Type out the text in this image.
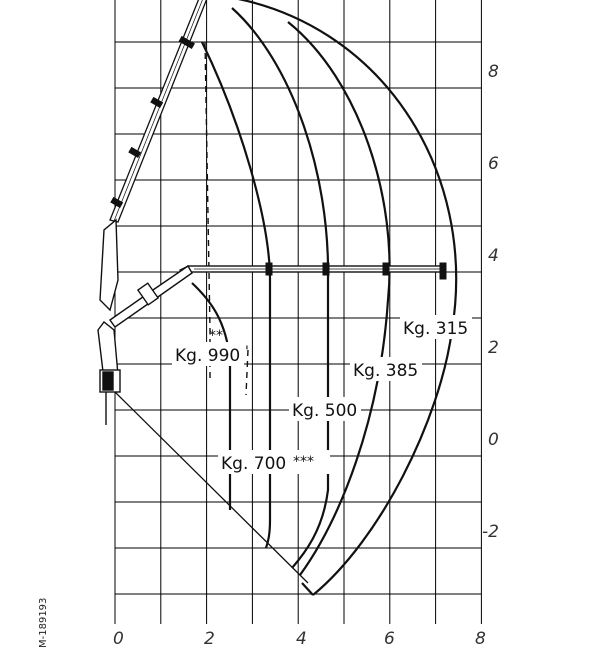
**
Kg. 990 '
Kg. 700 ***
Kg. 500
Kg. 385
Kg. 315
0	2	4	6	8
8
6
4
2
0
-2
M-189193
